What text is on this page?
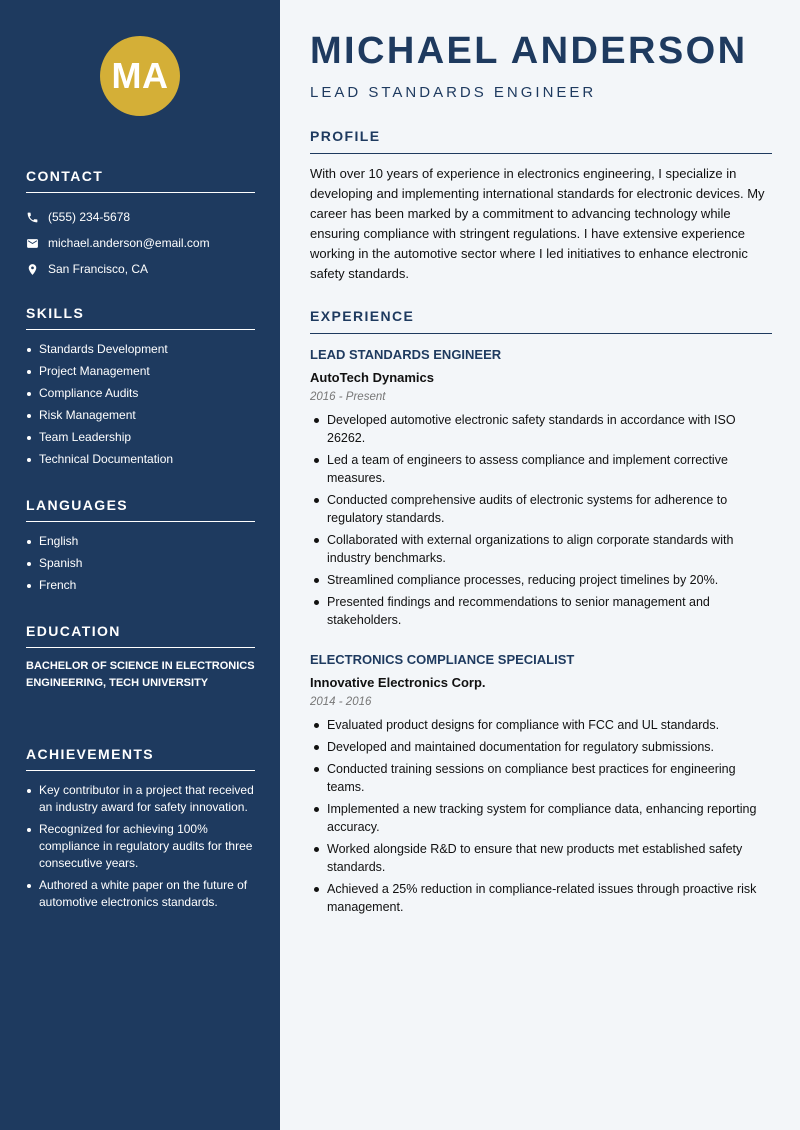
MA
CONTACT
(555) 234-5678
michael.anderson@email.com
San Francisco, CA
SKILLS
Standards Development
Project Management
Compliance Audits
Risk Management
Team Leadership
Technical Documentation
LANGUAGES
English
Spanish
French
EDUCATION
BACHELOR OF SCIENCE IN ELECTRONICS ENGINEERING, TECH UNIVERSITY
ACHIEVEMENTS
Key contributor in a project that received an industry award for safety innovation.
Recognized for achieving 100% compliance in regulatory audits for three consecutive years.
Authored a white paper on the future of automotive electronics standards.
MICHAEL ANDERSON
LEAD STANDARDS ENGINEER
PROFILE

With over 10 years of experience in electronics engineering, I specialize in developing and implementing international standards for electronic devices. My career has been marked by a commitment to advancing technology while ensuring compliance with stringent regulations. I have extensive experience working in the automotive sector where I led initiatives to enhance electronic safety standards.

EXPERIENCE
LEAD STANDARDS ENGINEER
AutoTech Dynamics
2016 - Present
Developed automotive electronic safety standards in accordance with ISO 26262.
Led a team of engineers to assess compliance and implement corrective measures.
Conducted comprehensive audits of electronic systems for adherence to regulatory standards.
Collaborated with external organizations to align corporate standards with industry benchmarks.
Streamlined compliance processes, reducing project timelines by 20%.
Presented findings and recommendations to senior management and stakeholders.
ELECTRONICS COMPLIANCE SPECIALIST
Innovative Electronics Corp.
2014 - 2016
Evaluated product designs for compliance with FCC and UL standards.
Developed and maintained documentation for regulatory submissions.
Conducted training sessions on compliance best practices for engineering teams.
Implemented a new tracking system for compliance data, enhancing reporting accuracy.
Worked alongside R&D to ensure that new products met established safety standards.
Achieved a 25% reduction in compliance-related issues through proactive risk management.
